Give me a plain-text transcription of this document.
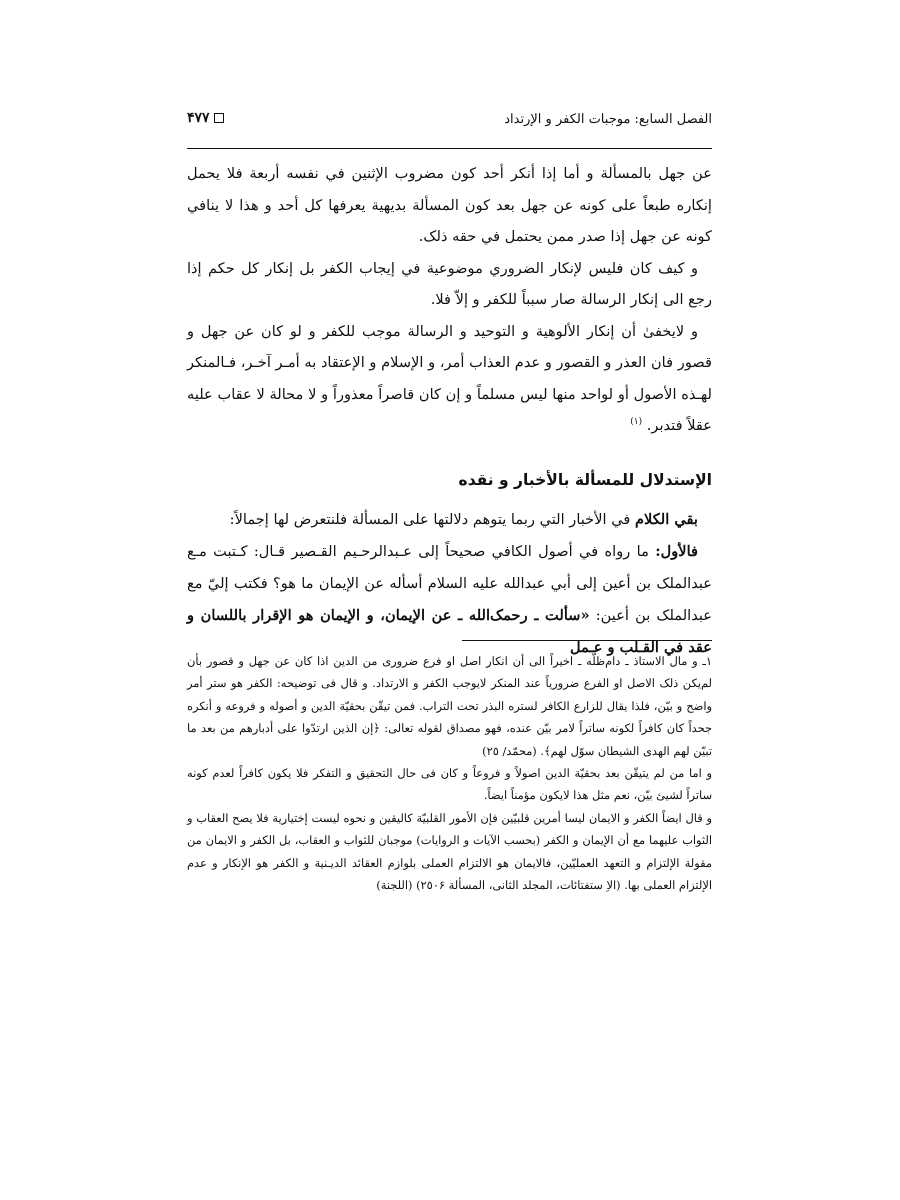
الفصل السابع: موجبات الكفر و الإرتداد
۴۷۷

عن جهل بالمسألة و أما إذا أنكر أحد كون مضروب الإثنين في نفسه أربعة فلا يحمل إنكاره طبعاً على كونه عن جهل بعد كون المسألة بديهية يعرفها كل أحد و هذا لا ينافي كونه عن جهل إذا صدر ممن يحتمل في حقه ذلک.

و كيف كان فليس لإنكار الضروري موضوعية في إيجاب الكفر بل إنكار كل حكم إذا رجع الى إنكار الرسالة صار سبباً للكفر و إلاّ فلا.

و لايخفىٰ أن إنكار الألوهية و التوحيد و الرسالة موجب للكفر و لو كان عن جهل و قصور فان العذر و القصور و عدم العذاب أمر، و الإسلام و الإعتقاد به أمـر آخـر، فـالمنكر لهـذه الأصول أو لواحد منها ليس مسلماً و إن كان قاصراً معذوراً و لا محالة لا عقاب عليه عقلاً فتدبر. $^{(۱)}$

الإستدلال للمسألة بالأخبار و نقده

بقي الكلام في الأخبار التي ربما يتوهم دلالتها على المسألة فلنتعرض لها إجمالاً:

فالأول: ما رواه في أصول الكافي صحيحاً إلى عـبدالرحـيم القـصير قـال: كـتبت مـع عبدالملک بن أعين إلى أبي عبدالله عليه السلام أسأله عن الإيمان ما هو؟ فكتب إليّ مع عبدالملک بن أعين: «سألت ـ رحمک‌الله ـ عن الإيمان، و الإيمان هو الإقرار باللسان و عقد في القـلب و عـمل

١ـ و مال الاستاذ ـ دام‌ظلّه ـ اخيراً الى أن انكار اصل او فرع ضرورى من الدين اذا كان عن جهل و قصور بأن لم‌يكن ذلک الاصل او الفرع ضرورياً عند المنكر لايوجب الكفر و الارتداد. و قال فى توضيحه: الكفر هو ستر أمر واضح و بيّن، فلذا يقال للزارع الكافر لستره البذر تحت التراب. فمن تيقّن بحقيّة الدين و أصوله و فروعه و أنكره جحداً كان كافراً لكونه ساتراً لامر بيّن عنده، فهو مصداق لقوله تعالى: ﴿إن الذين ارتدّوا على أدبارهم من بعد ما تبيّن لهم الهدى الشيطان سوّل لهم﴾. (محمّد/ ٢٥)

و اما من لم يتيقّن بعد بحقيّة الدين اصولاً و فروعاً و كان فى حال التحقيق و التفكر فلا يكون كافراً لعدم كونه ساتراً لشيئ بيّن، نعم مثل هذا لايكون مؤمناً ايضاً.

و قال ايضاً الكفر و الايمان ليسا أمرين قلبيّين فإن الأمور القلبيّة كاليقين و نحوه ليست إختيارية فلا يصح العقاب و الثواب عليهما مع أن الإيمان و الكفر (بحسب الآيات و الروايات) موجبان للثواب و العقاب، بل الكفر و الايمان من مقولة الإلتزام و التعهد العمليّين، فالايمان هو الالتزام العملى بلوازم العقائد الديـنية و الكفر هو الإنكار و عدم الإلتزام العملى بها. (الاِ ستفتائات، المجلد الثانى، المسألة ٢٥٠۶) (اللجنة)
